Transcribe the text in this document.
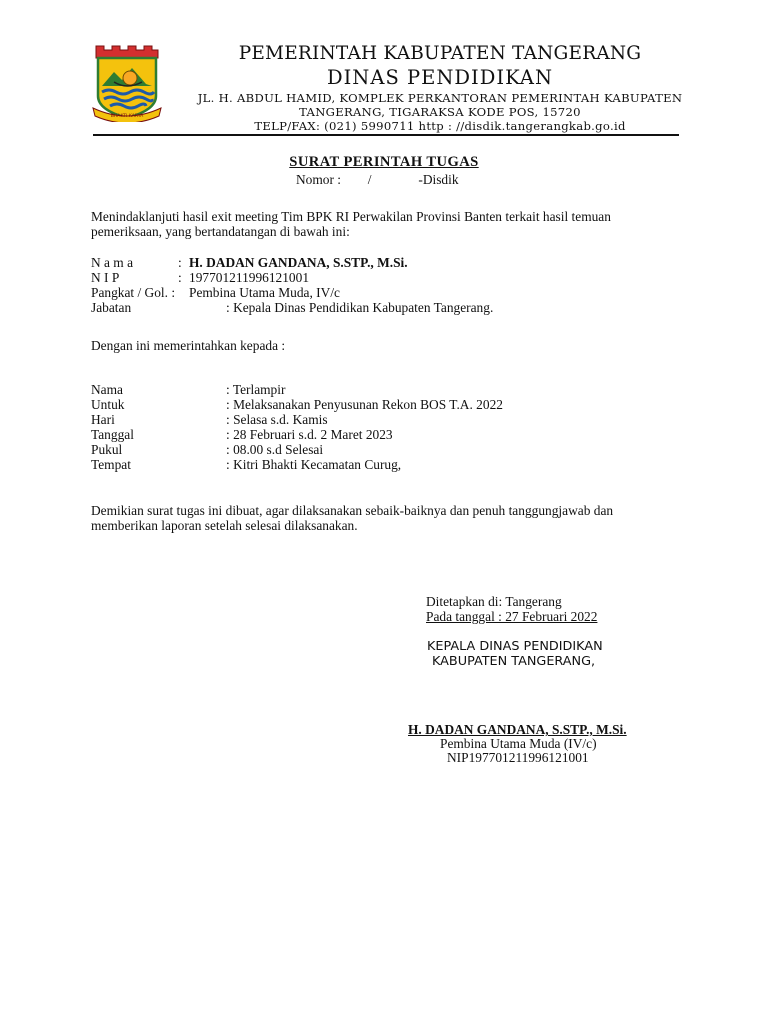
BHAKTI KARYA
PEMERINTAH KABUPATEN TANGERANG
DINAS PENDIDIKAN
JL. H. ABDUL HAMID, KOMPLEK PERKANTORAN PEMERINTAH KABUPATEN
TANGERANG, TIGARAKSA KODE POS, 15720
TELP/FAX: (021) 5990711 http : //disdik.tangerangkab.go.id
SURAT PERINTAH TUGAS
Nomor :        /              -Disdik
Menindaklanjuti hasil exit meeting Tim BPK RI Perwakilan Provinsi Banten terkait hasil temuan
pemeriksaan, yang bertandatangan di bawah ini:
N a m a	: H. DADAN GANDANA, S.STP., M.Si.
N I P	: 197701211996121001
Pangkat / Gol. : Pembina Utama Muda, IV/c
Jabatan	: Kepala Dinas Pendidikan Kabupaten Tangerang.
Dengan ini memerintahkan kepada :
Nama	: Terlampir
Untuk	: Melaksanakan Penyusunan Rekon BOS T.A. 2022
Hari	: Selasa s.d. Kamis
Tanggal	: 28 Februari s.d. 2 Maret 2023
Pukul	: 08.00 s.d Selesai
Tempat	: Kitri Bhakti Kecamatan Curug,
Demikian surat tugas ini dibuat, agar dilaksanakan sebaik-baiknya dan penuh tanggungjawab dan
memberikan laporan setelah selesai dilaksanakan.
Ditetapkan di: Tangerang
Pada tanggal : 27 Februari 2022
KEPALA DINAS PENDIDIKAN
KABUPATEN TANGERANG,
H. DADAN GANDANA, S.STP., M.Si.
Pembina Utama Muda (IV/c)
NIP197701211996121001
